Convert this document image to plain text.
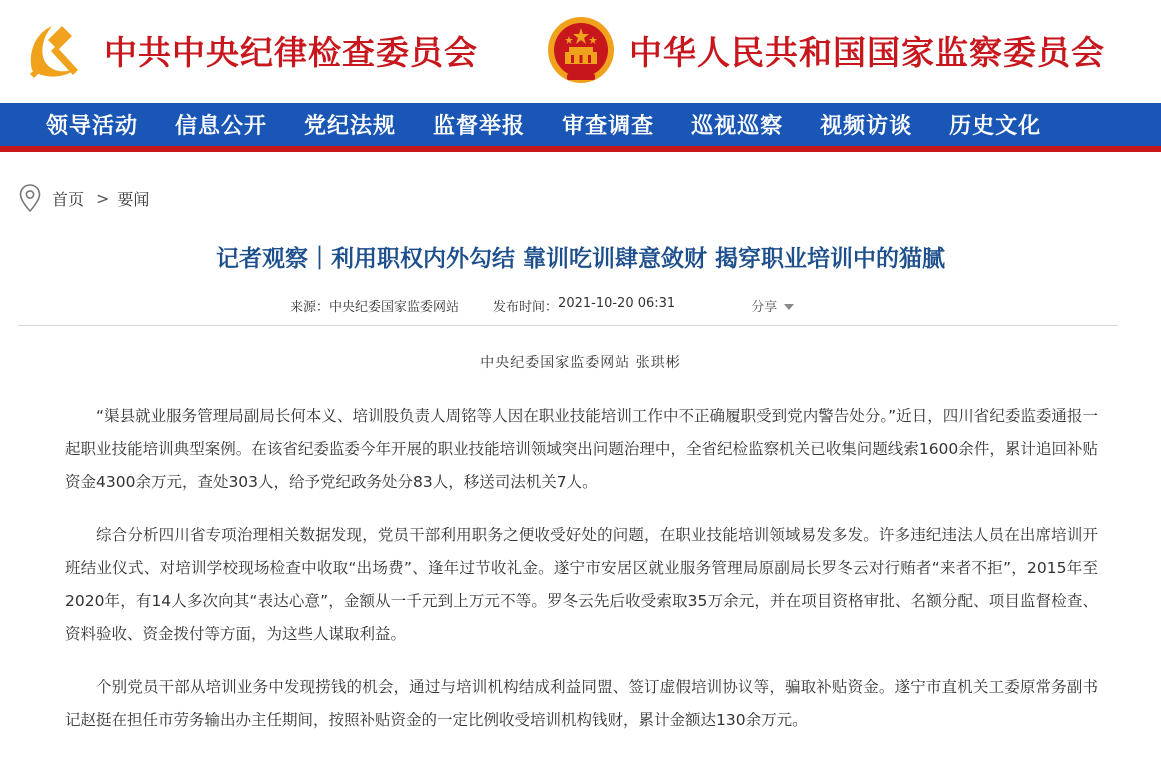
中共中央纪律检查委员会	中华人民共和国国家监察委员会
领导活动 信息公开 党纪法规 监督举报 审查调查 巡视巡察 视频访谈 历史文化
首页 > 要闻
记者观察｜利用职权内外勾结 靠训吃训肆意敛财 揭穿职业培训中的猫腻
来源： 中央纪委国家监委网站	发布时间： 2021-10-20 06:31	分享
中央纪委国家监委网站 张珙彬

“渠县就业服务管理局副局长何本义、培训股负责人周铭等人因在职业技能培训工作中不正确履职受到党内警告处分。”近日，四川省纪委监委通报一起职业技能培训典型案例。在该省纪委监委今年开展的职业技能培训领域突出问题治理中，全省纪检监察机关已收集问题线索1600余件，累计追回补贴资金4300余万元，查处303人，给予党纪政务处分83人，移送司法机关7人。

综合分析四川省专项治理相关数据发现，党员干部利用职务之便收受好处的问题，在职业技能培训领域易发多发。许多违纪违法人员在出席培训开班结业仪式、对培训学校现场检查中收取“出场费”、逢年过节收礼金。遂宁市安居区就业服务管理局原副局长罗冬云对行贿者“来者不拒”，2015年至2020年，有14人多次向其“表达心意”，金额从一千元到上万元不等。罗冬云先后收受索取35万余元，并在项目资格审批、名额分配、项目监督检查、资料验收、资金拨付等方面，为这些人谋取利益。

个别党员干部从培训业务中发现捞钱的机会，通过与培训机构结成利益同盟、签订虚假培训协议等，骗取补贴资金。遂宁市直机关工委原常务副书记赵挺在担任市劳务输出办主任期间，按照补贴资金的一定比例收受培训机构钱财，累计金额达130余万元。
